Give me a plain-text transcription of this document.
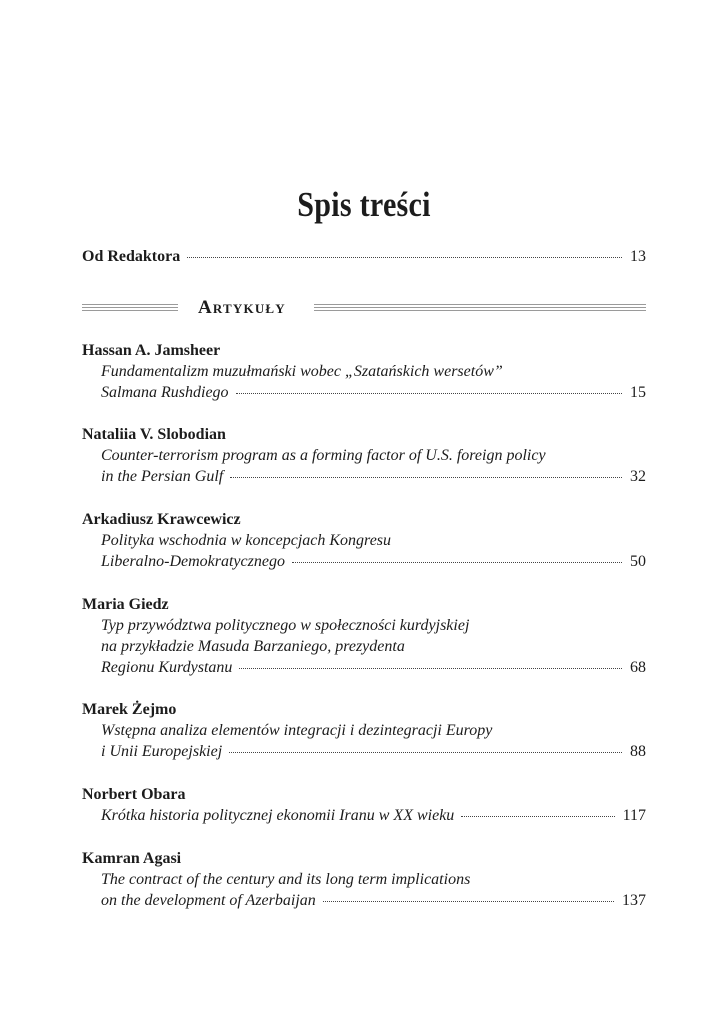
Spis treści
Od Redaktora	13
Artykuły
Hassan A. Jamsheer
Fundamentalizm muzułmański wobec „Szatańskich wersetów”
Salmana Rushdiego	15
Nataliia V. Slobodian
Counter-terrorism program as a forming factor of U.S. foreign policy
in the Persian Gulf	32
Arkadiusz Krawcewicz
Polityka wschodnia w koncepcjach Kongresu
Liberalno-Demokratycznego	50
Maria Giedz
Typ przywództwa politycznego w społeczności kurdyjskiej
na przykładzie Masuda Barzaniego, prezydenta
Regionu Kurdystanu	68
Marek Żejmo
Wstępna analiza elementów integracji i dezintegracji Europy
i Unii Europejskiej	88
Norbert Obara
Krótka historia politycznej ekonomii Iranu w XX wieku	117
Kamran Agasi
The contract of the century and its long term implications
on the development of Azerbaijan	137
